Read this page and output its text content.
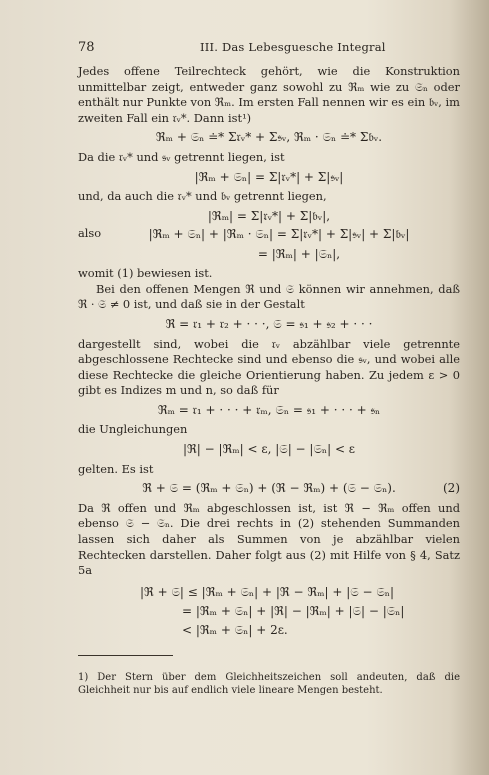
78	III. Das Lebesguesche Integral

Jedes offene Teilrechteck gehört, wie die Konstruktion unmittelbar zeigt, entweder ganz sowohl zu ℜₘ wie zu 𝔖ₙ oder enthält nur Punkte von ℜₘ. Im ersten Fall nennen wir es ein 𝔟ᵥ, im zweiten Fall ein 𝔯ᵥ*. Dann ist¹)

ℜₘ + 𝔖ₙ ≐* Σ𝔯ᵥ* + Σ𝔰ᵥ, ℜₘ · 𝔖ₙ ≐* Σ𝔟ᵥ.

Da die 𝔯ᵥ* und 𝔰ᵥ getrennt liegen, ist

|ℜₘ + 𝔖ₙ| = Σ|𝔯ᵥ*| + Σ|𝔰ᵥ|

und, da auch die 𝔯ᵥ* und 𝔟ᵥ getrennt liegen,

|ℜₘ| = Σ|𝔯ᵥ*| + Σ|𝔟ᵥ|,

also	|ℜₘ + 𝔖ₙ| + |ℜₘ · 𝔖ₙ| = Σ|𝔯ᵥ*| + Σ|𝔰ᵥ| + Σ|𝔟ᵥ|
= |ℜₘ| + |𝔖ₙ|,

womit (1) bewiesen ist.

Bei den offenen Mengen ℜ und 𝔖 können wir annehmen, daß ℜ · 𝔖 ≠ 0 ist, und daß sie in der Gestalt

ℜ = 𝔯₁ + 𝔯₂ + · · ·, 𝔖 = 𝔰₁ + 𝔰₂ + · · ·

dargestellt sind, wobei die 𝔯ᵥ abzählbar viele getrennte abgeschlossene Rechtecke sind und ebenso die 𝔰ᵥ, und wobei alle diese Rechtecke die gleiche Orientierung haben. Zu jedem ε > 0 gibt es Indizes m und n, so daß für

ℜₘ = 𝔯₁ + · · · + 𝔯ₘ, 𝔖ₙ = 𝔰₁ + · · · + 𝔰ₙ

die Ungleichungen

|ℜ| − |ℜₘ| < ε, |𝔖| − |𝔖ₙ| < ε

gelten. Es ist

ℜ + 𝔖 = (ℜₘ + 𝔖ₙ) + (ℜ − ℜₘ) + (𝔖 − 𝔖ₙ).	(2)

Da ℜ offen und ℜₘ abgeschlossen ist, ist ℜ − ℜₘ offen und ebenso 𝔖 − 𝔖ₙ. Die drei rechts in (2) stehenden Summanden lassen sich daher als Summen von je abzählbar vielen Rechtecken darstellen. Daher folgt aus (2) mit Hilfe von § 4, Satz 5a

|ℜ + 𝔖| ≤ |ℜₘ + 𝔖ₙ| + |ℜ − ℜₘ| + |𝔖 − 𝔖ₙ|
= |ℜₘ + 𝔖ₙ| + |ℜ| − |ℜₘ| + |𝔖| − |𝔖ₙ|
< |ℜₘ + 𝔖ₙ| + 2ε.

1) Der Stern über dem Gleichheitszeichen soll andeuten, daß die Gleichheit nur bis auf endlich viele lineare Mengen besteht.
